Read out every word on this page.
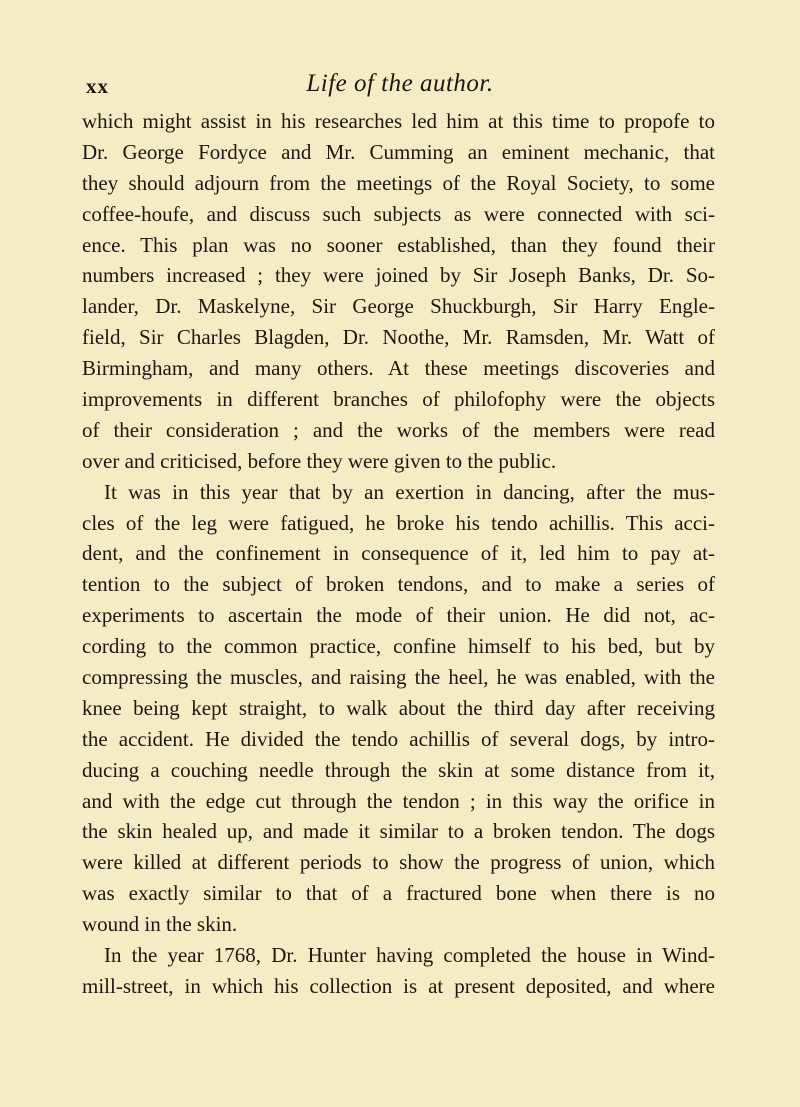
xx	Life of the author.
which might assist in his researches led him at this time to propofe to
Dr. George Fordyce and Mr. Cumming an eminent mechanic, that
they should adjourn from the meetings of the Royal Society, to some
coffee-houfe, and discuss such subjects as were connected with sci-
ence. This plan was no sooner established, than they found their
numbers increased ; they were joined by Sir Joseph Banks, Dr. So-
lander, Dr. Maskelyne, Sir George Shuckburgh, Sir Harry Engle-
field, Sir Charles Blagden, Dr. Noothe, Mr. Ramsden, Mr. Watt of
Birmingham, and many others. At these meetings discoveries and
improvements in different branches of philofophy were the objects
of their consideration ; and the works of the members were read
over and criticised, before they were given to the public.
It was in this year that by an exertion in dancing, after the mus-
cles of the leg were fatigued, he broke his tendo achillis. This acci-
dent, and the confinement in consequence of it, led him to pay at-
tention to the subject of broken tendons, and to make a series of
experiments to ascertain the mode of their union. He did not, ac-
cording to the common practice, confine himself to his bed, but by
compressing the muscles, and raising the heel, he was enabled, with the
knee being kept straight, to walk about the third day after receiving
the accident. He divided the tendo achillis of several dogs, by intro-
ducing a couching needle through the skin at some distance from it,
and with the edge cut through the tendon ; in this way the orifice in
the skin healed up, and made it similar to a broken tendon. The dogs
were killed at different periods to show the progress of union, which
was exactly similar to that of a fractured bone when there is no
wound in the skin.
In the year 1768, Dr. Hunter having completed the house in Wind-
mill-street, in which his collection is at present deposited, and where
